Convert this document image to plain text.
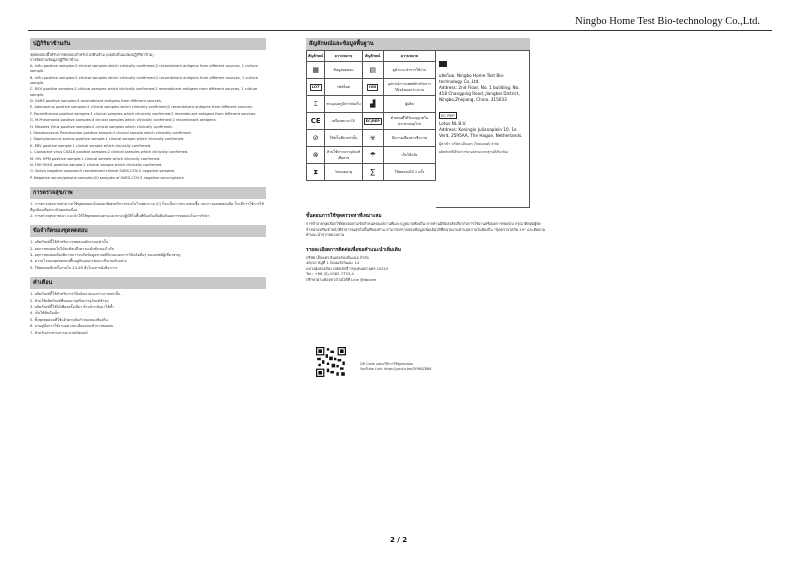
Ningbo Home Test Bio-technology Co.,Ltd.
ปฏิกิริยาข้ามกัน
ชุดทดสอบนี้ได้รับการทดสอบสำหรับโปรตีนข้าม (ผลลัพธ์ไม่แสดงปฏิกิริยาข้าม)
การติดตามข้อมูลปฏิกิริยาข้าม:
A. Influ positive samples:2 clinical samples which clinically confirmed;2 recombinant antigens from different sources, 1 culture sample.
B. Influ positive samples:2 clinical samples which clinically confirmed;2 recombinant antigens from different sources, 1 culture sample.
C. RSV positive samples:2 clinical samples which clinically confirmed;2 recombinant antigens from different sources, 1 culture sample.
D. SARS positive samples:3 recombinant antigens from different sources.
E. Adenovirus positive samples:2 clinical samples which clinically confirmed;2 recombinant antigens from different sources.
F. Parainfluenza positive samples:1 clinical samples which clinically confirmed;2 recombinant antigens from different sources.
G. M.Pneumonia positive samples:4 clinical samples which clinically confirmed;2 recombinant antigens.
H. Measles Virus positive samples:2 clinical samples which clinically confirmed.
I. Streptococcus Pneumoniae positive sample:1 clinical sample which clinically confirmed.
J. Staphylococcus aureus positive sample:1 clinical sample which clinically confirmed.
K. EBV positive sample:1 clinical sample which clinically confirmed.
L. Coxsackie virus CVA16 positive samples:2 clinical samples which clinically confirmed.
M. HIV HPM positive sample:1 clinical sample which clinically confirmed.
N. HIV HGH1 positive sample:1 clinical sample which clinically confirmed.
O. Saliva negative samples:5 randomized clinical SARS-COV-2 negative samples.
P. Negative serum/plasma samples:20 samples of SARS-COV-2 negative serum/plasm
การตรวจสุขภาพ
1. การตรวจสุขภาพสามารถใช้ชุดทดสอบโดยแยกพิเศษบริการก่อนในโรงพยาบาล (C) ก็จะเป็นการตรวจพบเชื้อ และการผลทดสอบปิด ก็จะมีการใช้การใช้ที่ถูกต้องเพื่อประเมินผลต่อเนื่อง
2. การตรวจสุขภาพเบา แนะนำให้ใช้ชุดทดสอบตามแนวทางปฏิบัติในพื้นที่ท้องถิ่นเพื่อยืนยันผลการทดสอบในการรักษา
ข้อจำกัดของชุดทดสอบ
1. ผลิตภัณฑ์นี้ใช้สำหรับการทดสอบคัดกรองเท่านั้น
2. ผลการทดสอบไม่ได้สะท้อนถึงความเข้มข้นของไวรัส
3. ผลการทดสอบต้องพิจารณาร่วมกับข้อมูลทางคลินิกและผลการวินิจฉัยอื่นๆ ของแพทย์ผู้เชี่ยวชาญ
4. ความไวของชุดทดสอบขึ้นอยู่กับคุณภาพและปริมาณตัวอย่าง
5. ให้ทดสอบอีกครั้งภายใน 24-48 ชั่วโมงหากยังมีอาการ
คำเตือน
1. ผลิตภัณฑ์นี้ใช้สำหรับการวินิจฉัยภายนอกร่างกายเท่านั้น
2. ห้ามใช้ผลิตภัณฑ์ที่หมดอายุหรือบรรจุภัณฑ์ชำรุด
3. ผลิตภัณฑ์นี้ใช้ได้เพียงครั้งเดียว ห้ามนำกลับมาใช้ซ้ำ
4. เก็บให้พ้นมือเด็ก
5. ทิ้งชุดทดสอบที่ใช้แล้วตามข้อกำหนดของท้องถิ่น
6. อ่านคู่มือการใช้งานอย่างละเอียดก่อนทำการทดสอบ
7. ห้ามรับประทานสารละลายบัฟเฟอร์
สัญลักษณ์และข้อมูลพื้นฐาน
สัญลักษณ์	ความหมาย	สัญลักษณ์	ความหมาย
▦	ข้อมูลทดสอบ	▤	ดูคำแนะนำการใช้งาน
LOT	รหัสล็อต	IVD	อุปกรณ์การแพทย์สำหรับการวินิจฉัยนอกร่างกาย
⌶	ช่วงอุณหภูมิการจัดเก็บ	▟	ผู้ผลิต
CE	เครื่องหมาย CE	EC|REP	ตัวแทนที่ได้รับอนุญาตในประชาคมยุโรป
⊘	ใช้ครั้งเดียวเท่านั้น	☣	มีความเสี่ยงทางชีวภาพ
⊗	ห้ามใช้หากบรรจุภัณฑ์เสียหาย	☂	เก็บให้แห้ง
⧗	วันหมดอายุ	∑	ใช้ทดสอบได้ 1 ครั้ง
ผลิตโดย: Ningbo Home Test Bio-technology Co.,Ltd.
Address: 2nd Floor, No. 1 building, No. 418 Changping Road, Jiangbei District, Ningbo,Zhejiang, China. 315033
EC REP
Lotus NL B.V.
Address: Koningin Julianaplein 10, 1e Verd, 2595AA, The Hague, Netherlands.
ผู้นำเข้า: บริษัท แอ็บแคร (ไทยแลนด์) จำกัด
ผลิตภัณฑ์ได้รับการรับรองตามมาตรฐานที่เกี่ยวข้อง
ขั้นตอนการใช้ชุดตรวจหาที่เหมาะสม
การทำลายชุดเลือกใช้ทดสอบตามข้อกำหนดของสถานที่และกฎหมายท้องถิ่น หากท่านมีข้อสงสัยเกี่ยวกับการใช้งานหรือผลการทดสอบ กรุณาติดต่อผู้จัดจำหน่ายหรือเจ้าหน้าที่สาธารณสุขในพื้นที่ของท่าน สามารถตรวจสอบข้อมูลเพิ่มเติมได้ที่หน่วยงานด้านสุขภาพในท้องถิ่น "ชุดตรวจโควิด-19" และติดตามคำแนะนำจากหน่วยงาน
รายละเอียดการติดต่อเพื่อขอคำแนะนำเพิ่มเติม
บริษัท เอ็บแคร อินเตอร์เนชั่นแนล จำกัด
48/10 หมู่ที่ 1 ถนนแจ้งวัฒนะ 14
แขวงทุ่งสองห้อง เขตหลักสี่ กรุงเทพมหานคร 10210
Tel.: +66 (0)-2982-7733-4
ปรึกษาผ่านช่องทางไลน์ได้ที่ Line @abcare
QR Code แสดงวิธีการใช้ชุดทดสอบ
YouTube Link: https://youtu.be/GYW6ZB86
2 / 2
